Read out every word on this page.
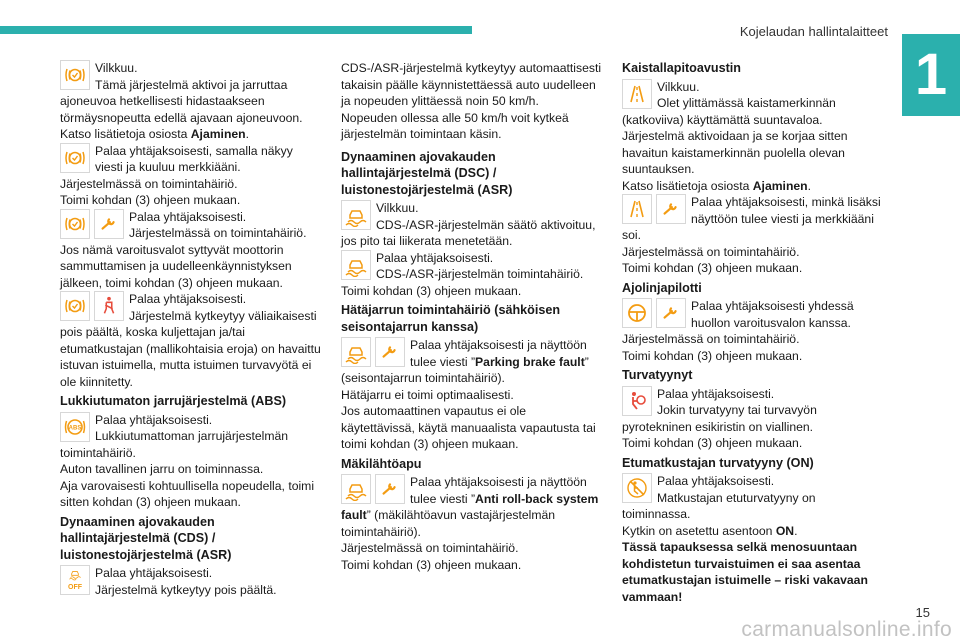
Kojelaudan hallintalaitteet
1

Vilkkuu.

Tämä järjestelmä aktivoi ja jarruttaa ajoneuvoa hetkellisesti hidastaakseen törmäysnopeutta edellä ajavaan ajoneuvoon.

Katso lisätietoja osiosta Ajaminen.

Palaa yhtäjaksoisesti, samalla näkyy viesti ja kuuluu merkkiääni.

Järjestelmässä on toimintahäiriö.

Toimi kohdan (3) ohjeen mukaan.

Palaa yhtäjaksoisesti.

Järjestelmässä on toimintahäiriö.

Jos nämä varoitusvalot syttyvät moottorin sammuttamisen ja uudelleenkäynnistyksen jälkeen, toimi kohdan (3) ohjeen mukaan.

Palaa yhtäjaksoisesti.

Järjestelmä kytkeytyy väliaikaisesti pois päältä, koska kuljettajan ja/tai etumatkustajan (mallikohtaisia eroja) on havaittu istuvan istuimella, mutta istuimen turvavyötä ei ole kiinnitetty.

Lukkiutumaton jarrujärjestelmä (ABS)

Palaa yhtäjaksoisesti.

Lukkiutumattoman jarrujärjestelmän toimintahäiriö.

Auton tavallinen jarru on toiminnassa.

Aja varovaisesti kohtuullisella nopeudella, toimi sitten kohdan (3) ohjeen mukaan.

Dynaaminen ajovakauden hallintajärjestelmä (CDS) / luistonestojärjestelmä (ASR)
OFF

Palaa yhtäjaksoisesti.

Järjestelmä kytkeytyy pois päältä.

CDS-/ASR-järjestelmä kytkeytyy automaattisesti takaisin päälle käynnistettäessä auto uudelleen ja nopeuden ylittäessä noin 50 km/h.

Nopeuden ollessa alle 50 km/h voit kytkeä järjestelmän toimintaan käsin.

Dynaaminen ajovakauden hallintajärjestelmä (DSC) / luistonestojärjestelmä (ASR)

Vilkkuu.

CDS-/ASR-järjestelmän säätö aktivoituu, jos pito tai liikerata menetetään.

Palaa yhtäjaksoisesti.

CDS-/ASR-järjestelmän toimintahäiriö.

Toimi kohdan (3) ohjeen mukaan.

Hätäjarrun toimintahäiriö (sähköisen seisontajarrun kanssa)

Palaa yhtäjaksoisesti ja näyttöön tulee viesti ”Parking brake fault” (seisontajarrun toimintahäiriö).

Hätäjarru ei toimi optimaalisesti.

Jos automaattinen vapautus ei ole käytettävissä, käytä manuaalista vapautusta tai toimi kohdan (3) ohjeen mukaan.

Mäkilähtöapu

Palaa yhtäjaksoisesti ja näyttöön tulee viesti ”Anti roll-back system fault” (mäkilähtöavun vastajärjestelmän toimintahäiriö).

Järjestelmässä on toimintahäiriö.

Toimi kohdan (3) ohjeen mukaan.

Kaistallapitoavustin

Vilkkuu.

Olet ylittämässä kaistamerkinnän (katkoviiva) käyttämättä suuntavaloa.

Järjestelmä aktivoidaan ja se korjaa sitten havaitun kaistamerkinnän puolella olevan suuntauksen.

Katso lisätietoja osiosta Ajaminen.

Palaa yhtäjaksoisesti, minkä lisäksi näyttöön tulee viesti ja merkkiääni soi.

Järjestelmässä on toimintahäiriö.

Toimi kohdan (3) ohjeen mukaan.

Ajolinjapilotti

Palaa yhtäjaksoisesti yhdessä huollon varoitusvalon kanssa.

Järjestelmässä on toimintahäiriö.

Toimi kohdan (3) ohjeen mukaan.

Turvatyynyt

Palaa yhtäjaksoisesti.

Jokin turvatyyny tai turvavyön pyrotekninen esikiristin on viallinen.

Toimi kohdan (3) ohjeen mukaan.

Etumatkustajan turvatyyny (ON)

Palaa yhtäjaksoisesti.

Matkustajan etuturvatyyny on toiminnassa.

Kytkin on asetettu asentoon ON.

Tässä tapauksessa selkä menosuuntaan kohdistetun turvaistuimen ei saa asentaa etumatkustajan istuimelle – riski vakavaan vammaan!

15
carmanualsonline.info
